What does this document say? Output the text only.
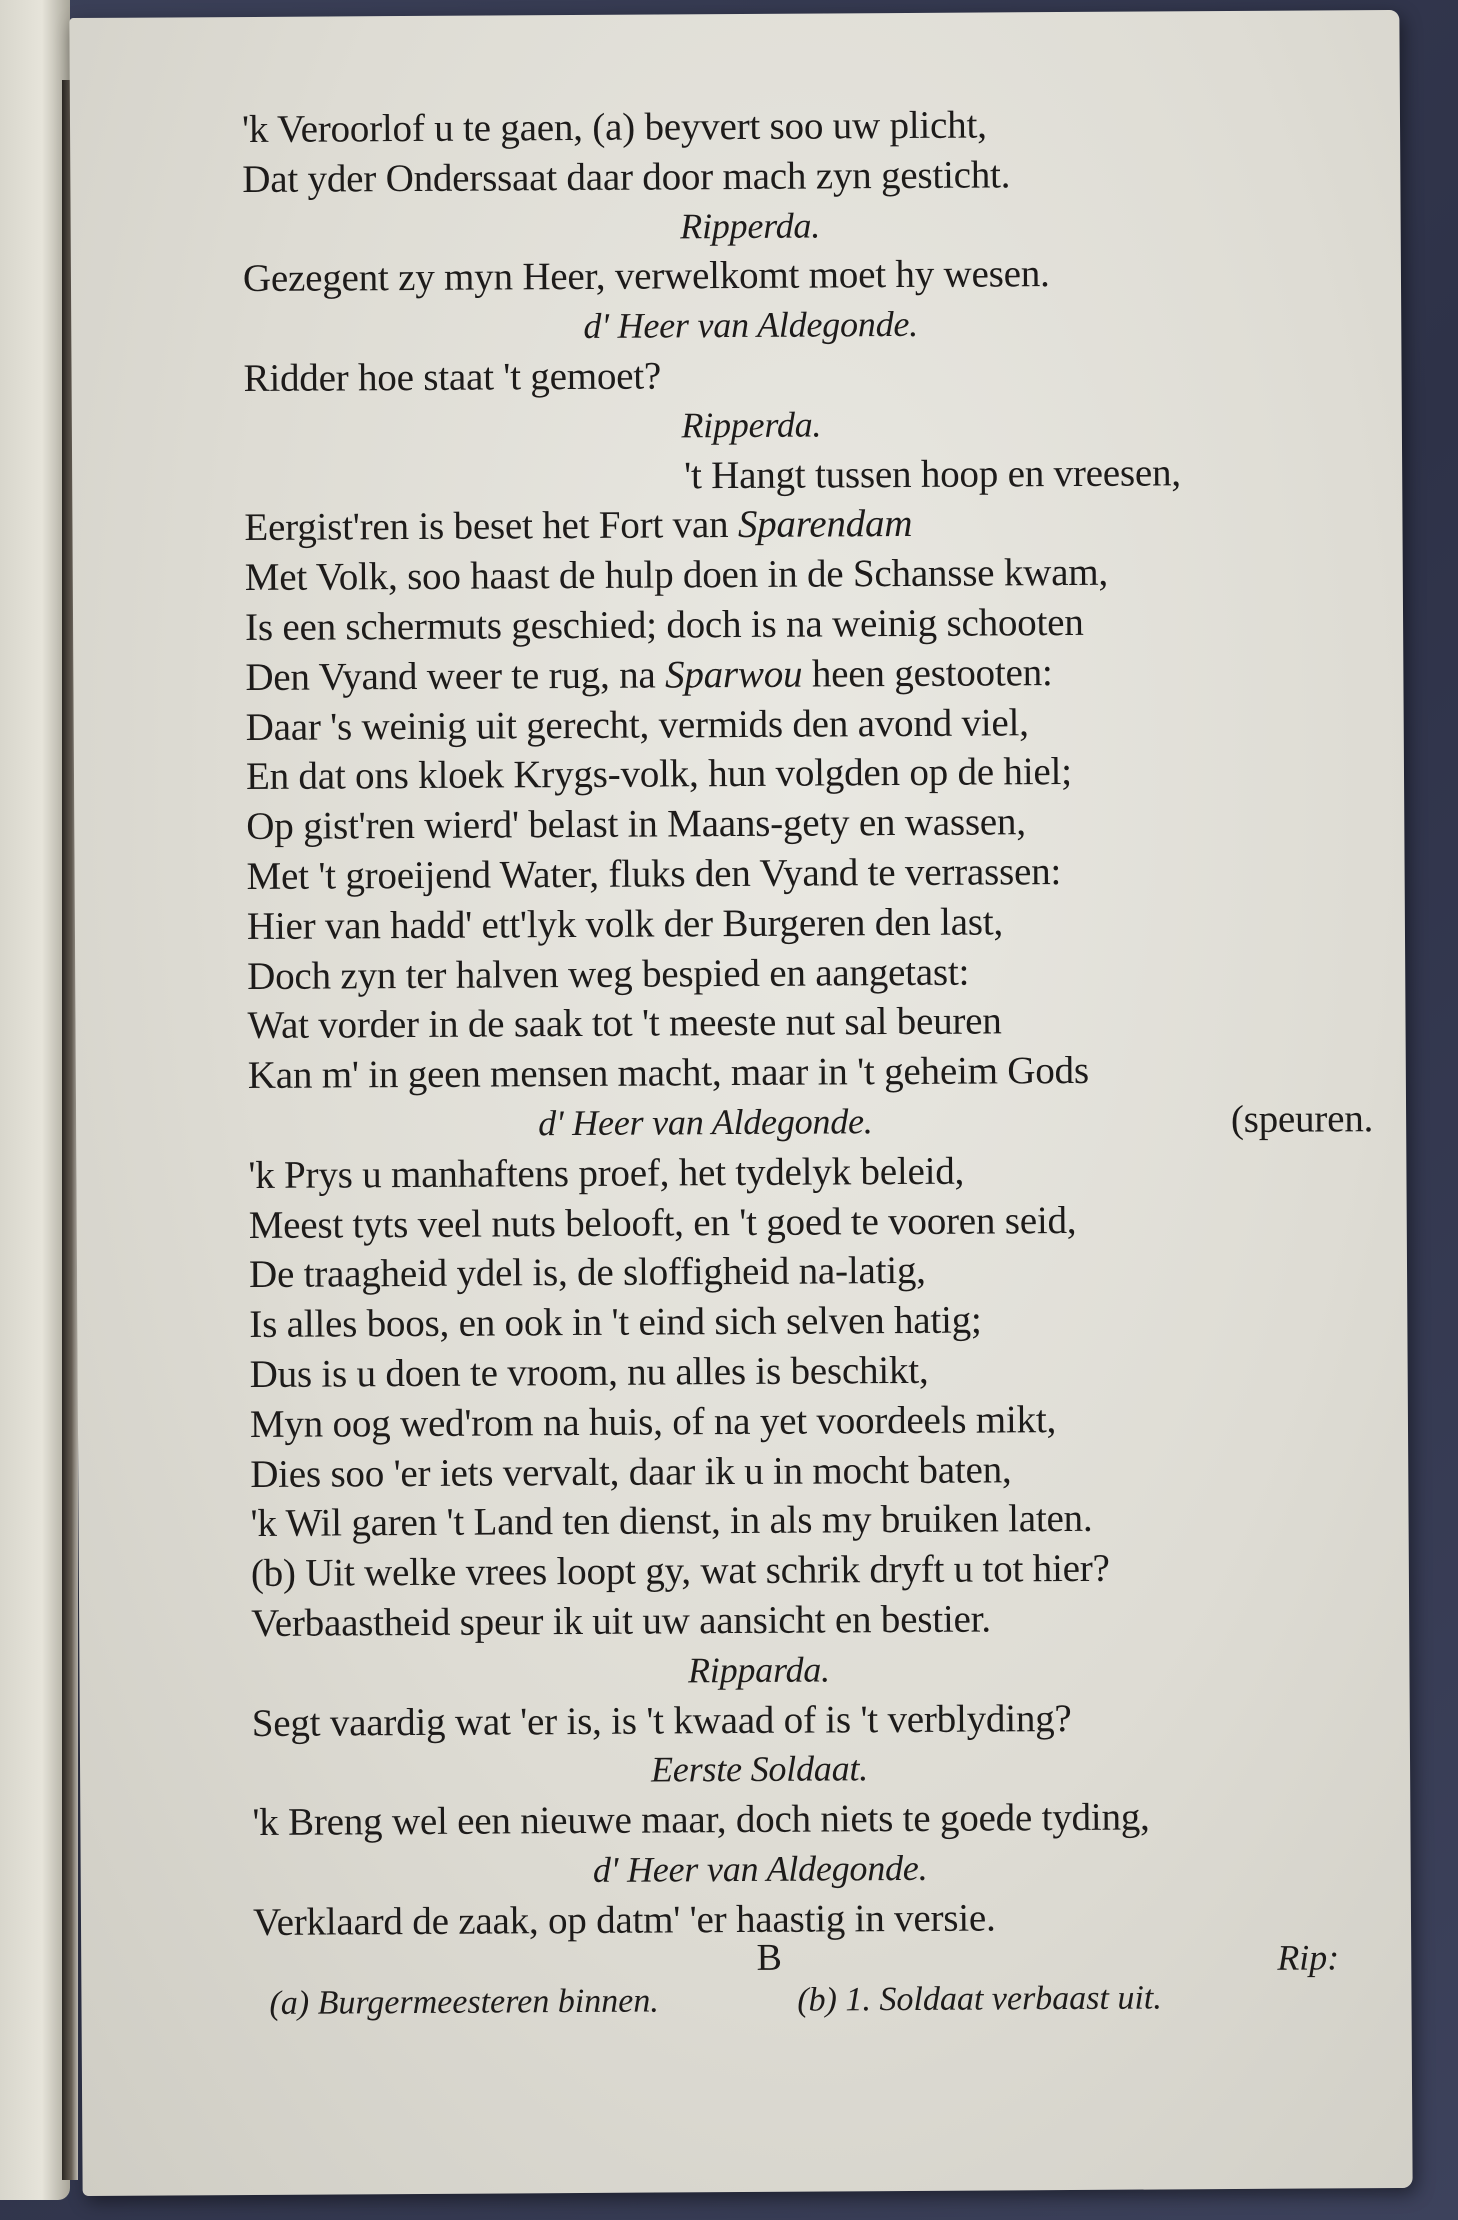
'k Veroorlof u te gaen, (a) beyvert soo uw plicht,
Dat yder Onderssaat daar door mach zyn gesticht.
Ripperda.
Gezegent zy myn Heer, verwelkomt moet hy wesen.
d' Heer van Aldegonde.
Ridder hoe staat 't gemoet?
Ripperda.
't Hangt tussen hoop en vreesen,
Eergist'ren is beset het Fort van Sparendam
Met Volk, soo haast de hulp doen in de Schansse kwam,
Is een schermuts geschied; doch is na weinig schooten
Den Vyand weer te rug, na Sparwou heen gestooten:
Daar 's weinig uit gerecht, vermids den avond viel,
En dat ons kloek Krygs-volk, hun volgden op de hiel;
Op gist'ren wierd' belast in Maans-gety en wassen,
Met 't groeijend Water, fluks den Vyand te verrassen:
Hier van hadd' ett'lyk volk der Burgeren den last,
Doch zyn ter halven weg bespied en aangetast:
Wat vorder in de saak tot 't meeste nut sal beuren
Kan m' in geen mensen macht, maar in 't geheim Gods
d' Heer van Aldegonde.	(speuren.
'k Prys u manhaftens proef, het tydelyk beleid,
Meest tyts veel nuts belooft, en 't goed te vooren seid,
De traagheid ydel is, de sloffigheid na-latig,
Is alles boos, en ook in 't eind sich selven hatig;
Dus is u doen te vroom, nu alles is beschikt,
Myn oog wed'rom na huis, of na yet voordeels mikt,
Dies soo 'er iets vervalt, daar ik u in mocht baten,
'k Wil garen 't Land ten dienst, in als my bruiken laten.
(b) Uit welke vrees loopt gy, wat schrik dryft u tot hier?
Verbaastheid speur ik uit uw aansicht en bestier.
Ripparda.
Segt vaardig wat 'er is, is 't kwaad of is 't verblyding?
Eerste Soldaat.
'k Breng wel een nieuwe maar, doch niets te goede tyding,
d' Heer van Aldegonde.
Verklaard de zaak, op datm' 'er haastig in versie.
B	Rip:
(a) Burgermeesteren binnen.	(b) 1. Soldaat verbaast uit.
